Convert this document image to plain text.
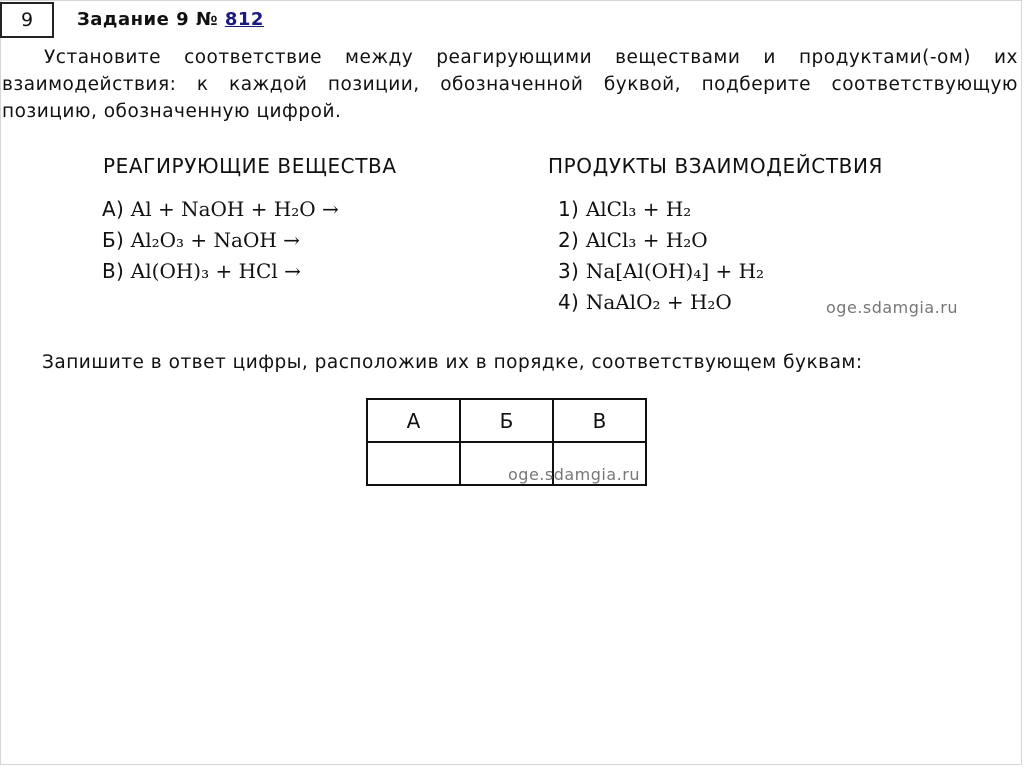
9 Задание 9 № 812
Установите соответствие между реагирующими веществами и продуктами(-ом) их взаимодействия: к каждой позиции, обозначенной буквой, подберите соответствующую позицию, обозначенную цифрой.
РЕАГИРУЮЩИЕ ВЕЩЕСТВА	ПРОДУКТЫ ВЗАИМОДЕЙСТВИЯ
А) Al + NaOH + H₂O →
Б) Al₂O₃ + NaOH →
В) Al(OH)₃ + HCl →
1) AlCl₃ + H₂
2) AlCl₃ + H₂O
3) Na[Al(OH)₄] + H₂
4) NaAlO₂ + H₂O	oge.sdamgia.ru
Запишите в ответ цифры, расположив их в порядке, соответствующем буквам:
А	Б	В

oge.sdamgia.ru
